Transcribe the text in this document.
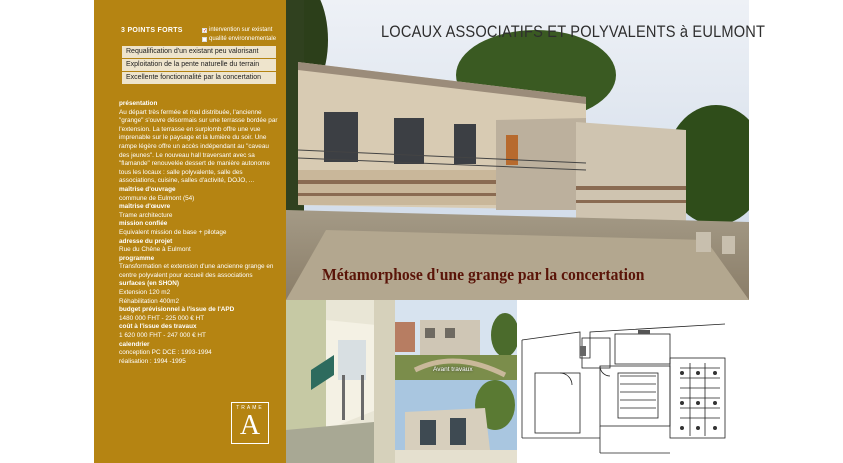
3 POINTS FORTS	✓ intervention sur existant
qualité environnementale
Requalification d'un existant peu valorisant
Exploitation de la pente naturelle du terrain
Excellente fonctionnalité par la concertation
présentation
Au départ très fermée et mal distribuée, l'ancienne "grange" s'ouvre désormais sur une terrasse bordée par l'extension. La terrasse en surplomb offre une vue imprenable sur le paysage et la lumière du soir. Une rampe légère offre un accès indépendant au "caveau des jeunes". Le nouveau hall traversant avec sa "flamande" renouvelée dessert de manière autonome tous les locaux : salle polyvalente, salle des associations, cuisine, salles d'activité, DOJO, ...
maîtrise d'ouvrage
commune de Eulmont (54)
maîtrise d'œuvre
Trame architecture
mission confiée
Equivalent mission de base + pilotage
adresse du projet
Rue du Chêne à Eulmont
programme
Transformation et extension d'une ancienne grange en centre polyvalent pour accueil des associations
surfaces (en SHON)
Extension 120 m2
Réhabilitation 400m2
budget prévisionnel à l'issue de l'APD
1480 000 FHT - 225 000 € HT
coût à l'issue des travaux
1 620 000 FHT - 247 000 € HT
calendrier
conception PC DCE : 1993-1994
réalisation : 1994 -1995
TRAME
A
LOCAUX ASSOCIATIFS ET POLYVALENTS à EULMONT
Métamorphose d'une grange par la concertation
Avant travaux
